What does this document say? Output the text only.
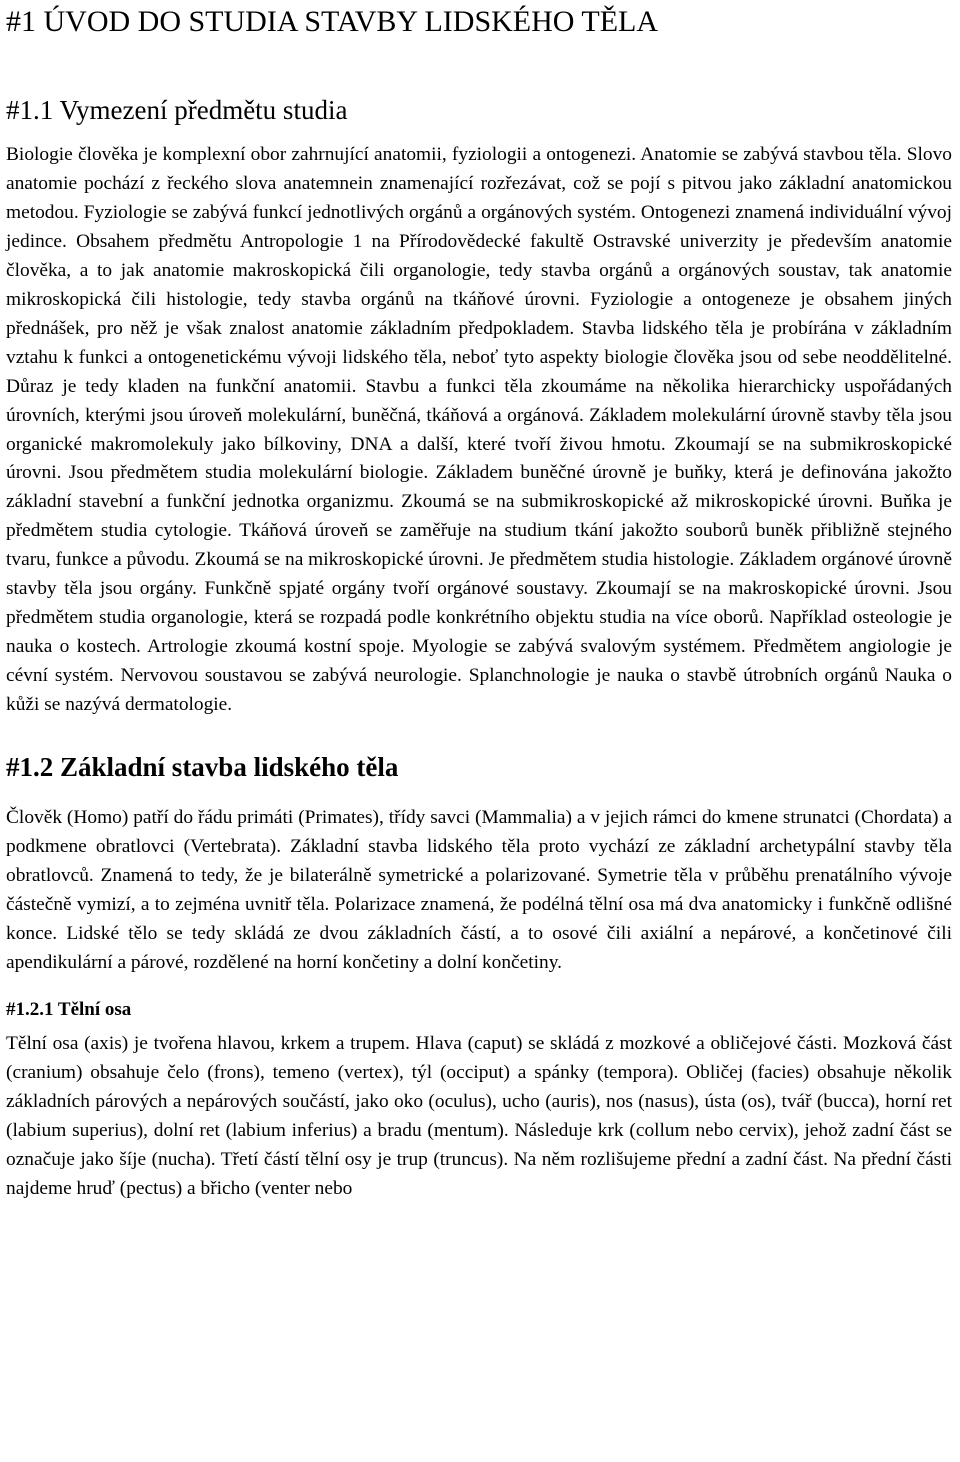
#1 ÚVOD DO STUDIA STAVBY LIDSKÉHO TĚLA
#1.1 Vymezení předmětu studia

Biologie člověka je komplexní obor zahrnující anatomii, fyziologii a ontogenezi. Anatomie se zabývá stavbou těla. Slovo anatomie pochází z řeckého slova anatemnein znamenající rozřezávat, což se pojí s pitvou jako základní anatomickou metodou. Fyziologie se zabývá funkcí jednotlivých orgánů a orgánových systém. Ontogenezi znamená individuální vývoj jedince. Obsahem předmětu Antropologie 1 na Přírodovědecké fakultě Ostravské univerzity je především anatomie člověka, a to jak anatomie makroskopická čili organologie, tedy stavba orgánů a orgánových soustav, tak anatomie mikroskopická čili histologie, tedy stavba orgánů na tkáňové úrovni. Fyziologie a ontogeneze je obsahem jiných přednášek, pro něž je však znalost anatomie základním předpokladem. Stavba lidského těla je probírána v základním vztahu k funkci a ontogenetickému vývoji lidského těla, neboť tyto aspekty biologie člověka jsou od sebe neoddělitelné. Důraz je tedy kladen na funkční anatomii. Stavbu a funkci těla zkoumáme na několika hierarchicky uspořádaných úrovních, kterými jsou úroveň molekulární, buněčná, tkáňová a orgánová. Základem molekulární úrovně stavby těla jsou organické makromolekuly jako bílkoviny, DNA a další, které tvoří živou hmotu. Zkoumají se na submikroskopické úrovni. Jsou předmětem studia molekulární biologie. Základem buněčné úrovně je buňky, která je definována jakožto základní stavební a funkční jednotka organizmu. Zkoumá se na submikroskopické až mikroskopické úrovni. Buňka je předmětem studia cytologie. Tkáňová úroveň se zaměřuje na studium tkání jakožto souborů buněk přibližně stejného tvaru, funkce a původu. Zkoumá se na mikroskopické úrovni. Je předmětem studia histologie. Základem orgánové úrovně stavby těla jsou orgány. Funkčně spjaté orgány tvoří orgánové soustavy. Zkoumají se na makroskopické úrovni. Jsou předmětem studia organologie, která se rozpadá podle konkrétního objektu studia na více oborů. Například osteologie je nauka o kostech. Artrologie zkoumá kostní spoje. Myologie se zabývá svalovým systémem. Předmětem angiologie je cévní systém. Nervovou soustavou se zabývá neurologie. Splanchnologie je nauka o stavbě útrobních orgánů Nauka o kůži se nazývá dermatologie.

#1.2 Základní stavba lidského těla

Člověk (Homo) patří do řádu primáti (Primates), třídy savci (Mammalia) a v jejich rámci do kmene strunatci (Chordata) a podkmene obratlovci (Vertebrata). Základní stavba lidského těla proto vychází ze základní archetypální stavby těla obratlovců. Znamená to tedy, že je bilaterálně symetrické a polarizované. Symetrie těla v průběhu prenatálního vývoje částečně vymizí, a to zejména uvnitř těla. Polarizace znamená, že podélná tělní osa má dva anatomicky i funkčně odlišné konce. Lidské tělo se tedy skládá ze dvou základních částí, a to osové čili axiální a nepárové, a končetinové čili apendikulární a párové, rozdělené na horní končetiny a dolní končetiny.

#1.2.1 Tělní osa

Tělní osa (axis) je tvořena hlavou, krkem a trupem. Hlava (caput) se skládá z mozkové a obličejové části. Mozková část (cranium) obsahuje čelo (frons), temeno (vertex), týl (occiput) a spánky (tempora). Obličej (facies) obsahuje několik základních párových a nepárových součástí, jako oko (oculus), ucho (auris), nos (nasus), ústa (os), tvář (bucca), horní ret (labium superius), dolní ret (labium inferius) a bradu (mentum). Následuje krk (collum nebo cervix), jehož zadní část se označuje jako šíje (nucha). Třetí částí tělní osy je trup (truncus). Na něm rozlišujeme přední a zadní část. Na přední části najdeme hruď (pectus) a břicho (venter nebo
